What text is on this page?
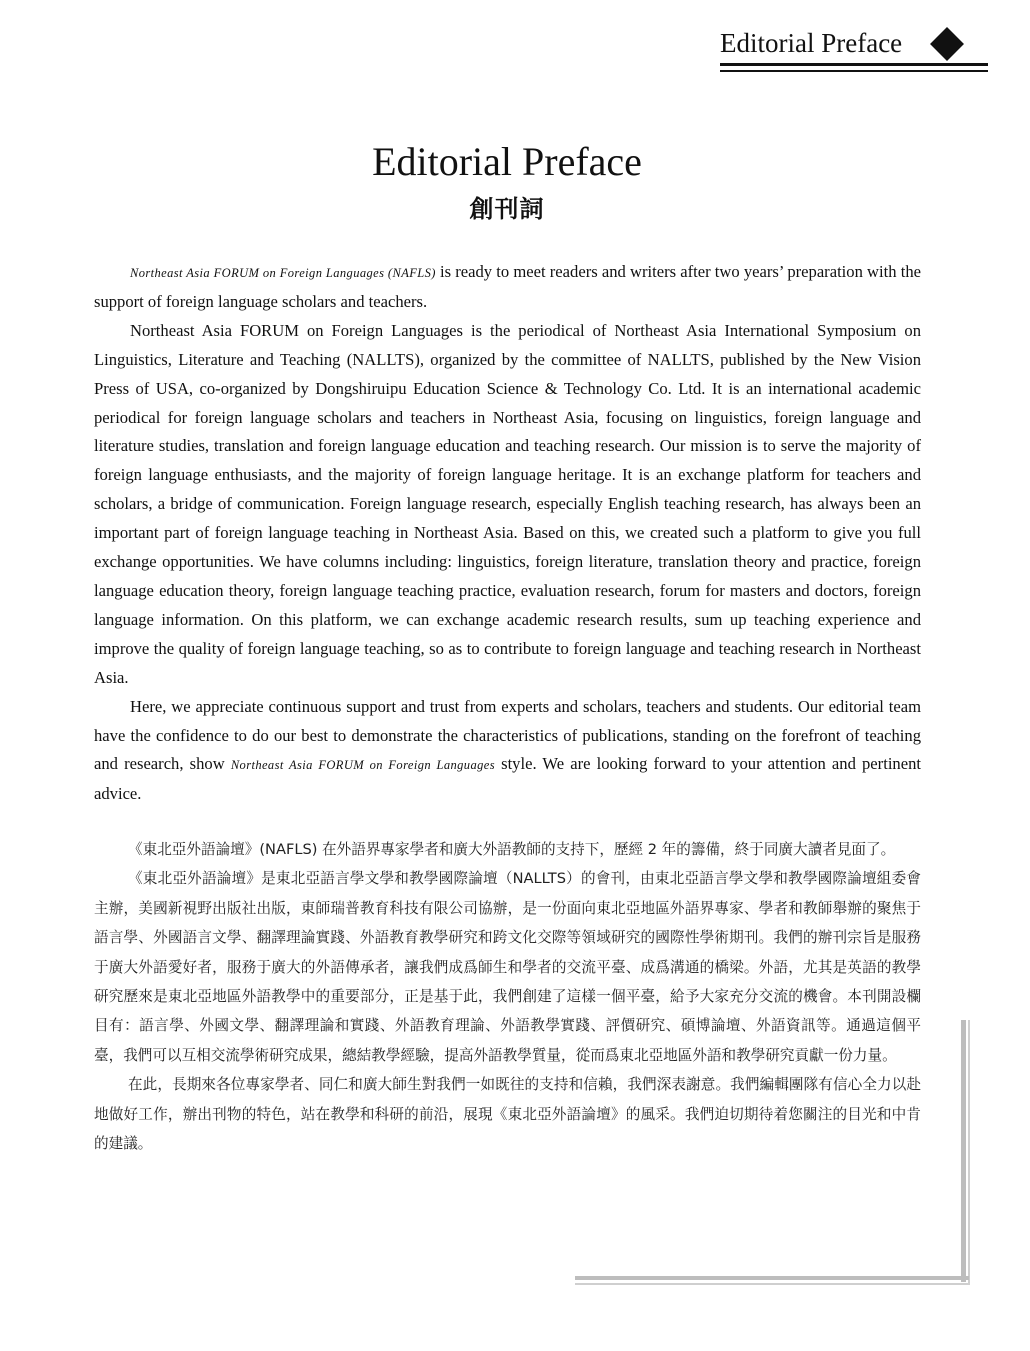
Editorial Preface
Editorial Preface
創刊詞

Northeast Asia FORUM on Foreign Languages (NAFLS) is ready to meet readers and writers after two years’ preparation with the support of foreign language scholars and teachers.

Northeast Asia FORUM on Foreign Languages is the periodical of Northeast Asia International Symposium on Linguistics, Literature and Teaching (NALLTS), organized by the committee of NALLTS, published by the New Vision Press of USA, co-organized by Dongshiruipu Education Science & Technology Co. Ltd. It is an international academic periodical for foreign language scholars and teachers in Northeast Asia, focusing on linguistics, foreign language and literature studies, translation and foreign language education and teaching research. Our mission is to serve the majority of foreign language enthusiasts, and the majority of foreign language heritage. It is an exchange platform for teachers and scholars, a bridge of communication. Foreign language research, especially English teaching research, has always been an important part of foreign language teaching in Northeast Asia. Based on this, we created such a platform to give you full exchange opportunities. We have columns including: linguistics, foreign literature, translation theory and practice, foreign language education theory, foreign language teaching practice, evaluation research, forum for masters and doctors, foreign language information. On this platform, we can exchange academic research results, sum up teaching experience and improve the quality of foreign language teaching, so as to contribute to foreign language and teaching research in Northeast Asia.

Here, we appreciate continuous support and trust from experts and scholars, teachers and students. Our editorial team have the confidence to do our best to demonstrate the characteristics of publications, standing on the forefront of teaching and research, show Northeast Asia FORUM on Foreign Languages style. We are looking forward to your attention and pertinent advice.

《東北亞外語論壇》(NAFLS) 在外語界專家學者和廣大外語教師的支持下，歷經 2 年的籌備，終于同廣大讀者見面了。

《東北亞外語論壇》是東北亞語言學文學和教學國際論壇（NALLTS）的會刊，由東北亞語言學文學和教學國際論壇組委會主辦，美國新視野出版社出版，東師瑞普教育科技有限公司協辦，是一份面向東北亞地區外語界專家、學者和教師舉辦的聚焦于語言學、外國語言文學、翻譯理論實踐、外語教育教學研究和跨文化交際等領域研究的國際性學術期刊。我們的辦刊宗旨是服務于廣大外語愛好者，服務于廣大的外語傳承者，讓我們成爲師生和學者的交流平臺、成爲溝通的橋梁。外語，尤其是英語的教學研究歷來是東北亞地區外語教學中的重要部分，正是基于此，我們創建了這樣一個平臺，給予大家充分交流的機會。本刊開設欄目有：語言學、外國文學、翻譯理論和實踐、外語教育理論、外語教學實踐、評價研究、碩博論壇、外語資訊等。通過這個平臺，我們可以互相交流學術研究成果，總結教學經驗，提高外語教學質量，從而爲東北亞地區外語和教學研究貢獻一份力量。

在此，長期來各位專家學者、同仁和廣大師生對我們一如既往的支持和信賴，我們深表謝意。我們編輯團隊有信心全力以赴地做好工作，辦出刊物的特色，站在教學和科研的前沿，展現《東北亞外語論壇》的風采。我們迫切期待着您關注的目光和中肯的建議。
